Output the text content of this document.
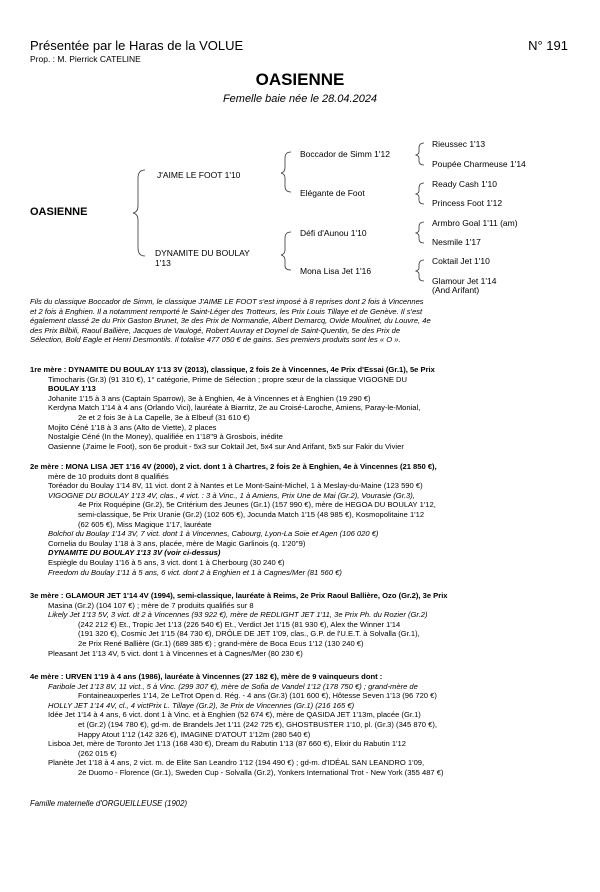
Présentée par le Haras de la VOLUE
Prop. : M. Pierrick CATELINE
N° 191
OASIENNE
Femelle baie née le 28.04.2024
OASIENNE
J'AIME LE FOOT 1'10
DYNAMITE DU BOULAY
1'13
Boccador de Simm 1'12
Elégante de Foot
Défi d'Aunou 1'10
Mona Lisa Jet 1'16
Rieussec 1'13
Poupée Charmeuse 1'14
Ready Cash 1'10
Princess Foot 1'12
Armbro Goal 1'11 (am)
Nesmile 1'17
Coktail Jet 1'10
Glamour Jet 1'14
(And Arifant)
Fils du classique Boccador de Simm, le classique J'AIME LE FOOT s'est imposé à 8 reprises dont 2 fois à Vincennes
et 2 fois à Enghien. Il a notamment remporté le Saint-Léger des Trotteurs, les Prix Louis Tillaye et de Genève. Il s'est
également classé 2e du Prix Gaston Brunet, 3e des Prix de Normandie, Albert Demarcq, Ovide Moulinet, du Louvre, 4e
des Prix Bilbili, Raoul Ballière, Jacques de Vaulogé, Robert Auvray et Doynel de Saint-Quentin, 5e des Prix de
Sélection, Bold Eagle et Henri Desmontils. Il totalise 477 050 € de gains. Ses premiers produits sont les « O ».
1re mère : DYNAMITE DU BOULAY 1'13 3V (2013), classique, 2 fois 2e à Vincennes, 4e Prix d'Essai (Gr.1), 5e Prix
Timocharis (Gr.3) (91 310 €), 1° catégorie, Prime de Sélection ; propre sœur de la classique VIGOGNE DU
BOULAY 1'13
Johanite 1'15 à 3 ans (Captain Sparrow), 3e à Enghien, 4e à Vincennes et à Enghien (19 290 €)
Kerdyna Match 1'14 à 4 ans (Orlando Vici), lauréate à Biarritz, 2e au Croisé-Laroche, Amiens, Paray-le-Monial,
2e et 2 fois 3e à La Capelle, 3e à Elbeuf (31 610 €)
Mojito Céné 1'18 à 3 ans (Alto de Viette), 2 places
Nostalgie Céné (In the Money), qualifiée en 1'18''9 à Grosbois, inédite
Oasienne (J'aime le Foot), son 6e produit - 5x3 sur Coktail Jet, 5x4 sur And Arifant, 5x5 sur Fakir du Vivier
2e mère : MONA LISA JET 1'16 4V (2000), 2 vict. dont 1 à Chartres, 2 fois 2e à Enghien, 4e à Vincennes (21 850 €),
mère de 10 produits dont 8 qualifiés
Toréador du Boulay 1'14 8V, 11 vict. dont 2 à Nantes et Le Mont-Saint-Michel, 1 à Meslay-du-Maine (123 590 €)
VIGOGNE DU BOULAY 1'13 4V, clas., 4 vict. : 3 à Vinc., 1 à Amiens, Prix Une de Mai (Gr.2), Vourasie (Gr.3),
4e Prix Roquépine (Gr.2), 5e Critérium des Jeunes (Gr.1) (157 990 €), mère de HEGOA DU BOULAY 1'12,
semi-classique, 5e Prix Uranie (Gr.2) (102 605 €), Jocunda Match 1'15 (48 985 €), Kosmopolitaine 1'12
(62 605 €), Miss Magique 1'17, lauréate
Bolchoï du Boulay 1'14 3V, 7 vict. dont 1 à Vincennes, Cabourg, Lyon-La Soie et Agen (106 020 €)
Cornelia du Boulay 1'18 à 3 ans, placée, mère de Magic Garlinois (q. 1'20''9)
DYNAMITE DU BOULAY 1'13 3V (voir ci-dessus)
Espiègle du Boulay 1'16 à 5 ans, 3 vict. dont 1 à Cherbourg (30 240 €)
Freedom du Boulay 1'11 à 5 ans, 6 vict. dont 2 à Enghien et 1 à Cagnes/Mer (81 560 €)
3e mère : GLAMOUR JET 1'14 4V (1994), semi-classique, lauréate à Reims, 2e Prix Raoul Ballière, Ozo (Gr.2), 3e Prix
Masina (Gr.2) (104 107 €) ; mère de 7 produits qualifiés sur 8
Likely Jet 1'13 5V, 3 vict. dt 2 à Vincennes (93 922 €), mère de REDLIGHT JET 1'11, 3e Prix Ph. du Rozier (Gr.2)
(242 212 €) Et., Tropic Jet 1'13 (226 540 €) Et., Verdict Jet 1'15 (81 930 €), Alex the Winner 1'14
(191 320 €), Cosmic Jet 1'15 (84 730 €), DRÔLE DE JET 1'09, clas., G.P. de l'U.E.T. à Solvalla (Gr.1),
2e Prix René Ballière (Gr.1) (689 385 €) ; grand-mère de Boca Ecus 1'12 (130 240 €)
Pleasant Jet 1'13 4V, 5 vict. dont 1 à Vincennes et à Cagnes/Mer (80 230 €)
4e mère : URVEN 1'19 à 4 ans (1986), lauréate à Vincennes (27 182 €), mère de 9 vainqueurs dont :
Faribole Jet 1'13 8V, 11 vict., 5 à Vinc. (299 307 €), mère de Sofia de Vandel 1'12 (178 750 €) ; grand-mère de
Fontaineauxperles 1'14, 2e LeTrot Open d. Rég. - 4 ans (Gr.3) (101 600 €), Hôtesse Seven 1'13 (96 720 €)
HOLLY JET 1'14 4V, cl., 4 victPrix L. Tillaye (Gr.2), 3e Prix de Vincennes (Gr.1) (216 165 €)
Idée Jet 1'14 à 4 ans, 6 vict. dont 1 à Vinc. et à Enghien (52 674 €), mère de QASIDA JET 1'13m, placée (Gr.1)
et (Gr.2) (194 780 €), gd-m. de Brandels Jet 1'11 (242 725 €), GHOSTBUSTER 1'10, pl. (Gr.3) (345 870 €),
Happy Atout 1'12 (142 326 €), IMAGINE D'ATOUT 1'12m (280 540 €)
Lisboa Jet, mère de Toronto Jet 1'13 (168 430 €), Dream du Rabutin 1'13 (87 660 €), Elixir du Rabutin 1'12
(262 015 €)
Planète Jet 1'18 à 4 ans, 2 vict. m. de Elite San Leandro 1'12 (194 490 €) ; gd-m. d'IDÉAL SAN LEANDRO 1'09,
2e Duomo - Florence (Gr.1), Sweden Cup - Solvalla (Gr.2), Yonkers International Trot - New York (355 487 €)
Famille maternelle d'ORGUEILLEUSE (1902)
